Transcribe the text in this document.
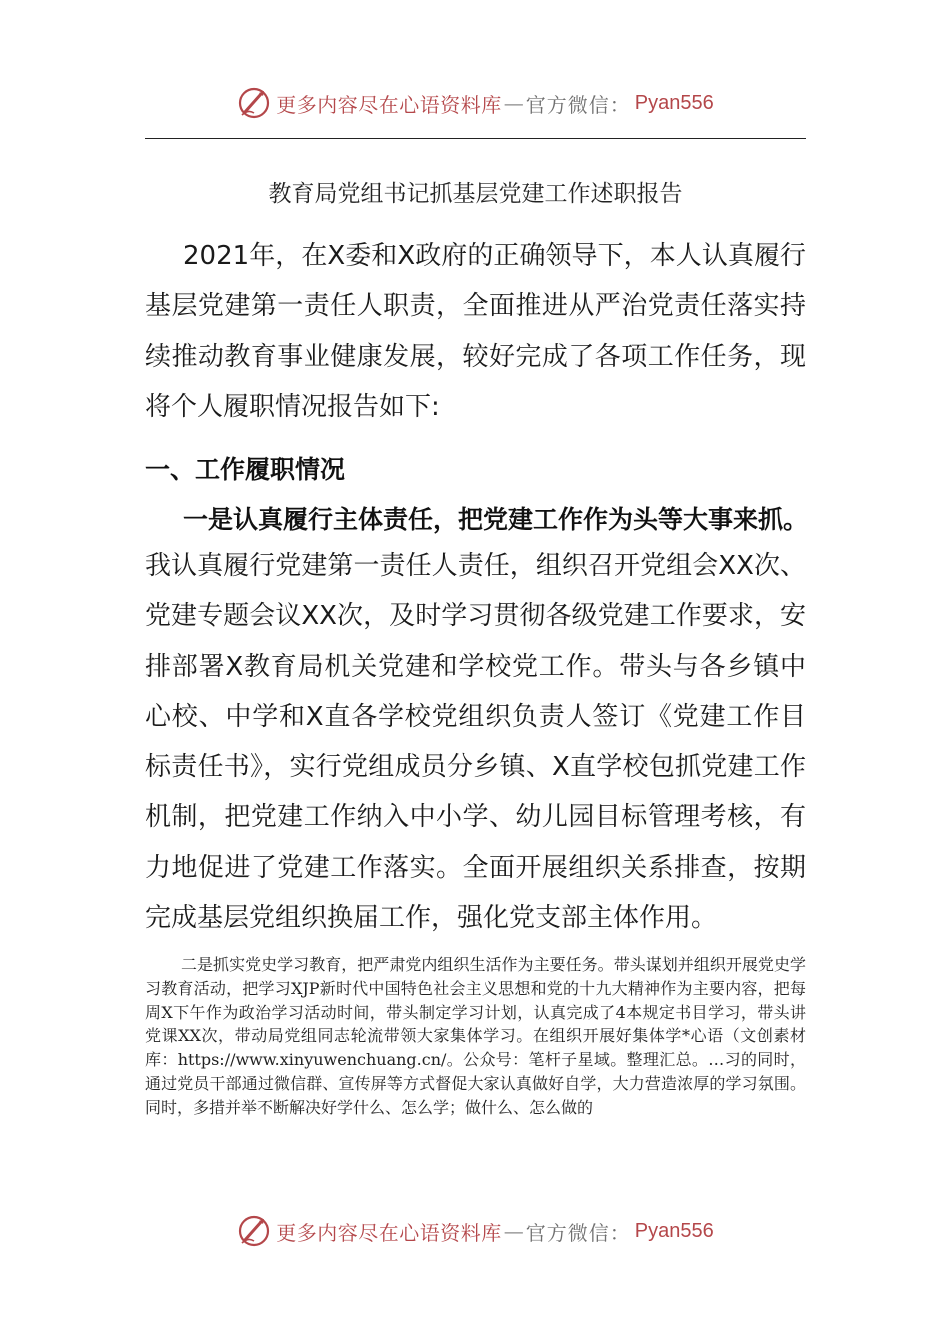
更多内容尽在心语资料库 — 官方微信： Pyan556
教育局党组书记抓基层党建工作述职报告

2021年，在X委和X政府的正确领导下，本人认真履行基层党建第一责任人职责，全面推进从严治党责任落实持续推动教育事业健康发展，较好完成了各项工作任务，现将个人履职情况报告如下:

一、工作履职情况
一是认真履行主体责任，把党建工作作为头等大事来抓。

我认真履行党建第一责任人责任，组织召开党组会XX次、党建专题会议XX次，及时学习贯彻各级党建工作要求，安排部署X教育局机关党建和学校党工作。带头与各乡镇中心校、中学和X直各学校党组织负责人签订《党建工作目标责任书》，实行党组成员分乡镇、X直学校包抓党建工作机制，把党建工作纳入中小学、幼儿园目标管理考核，有力地促进了党建工作落实。全面开展组织关系排查，按期完成基层党组织换届工作，强化党支部主体作用。

二是抓实党史学习教育，把严肃党内组织生活作为主要任务。带头谋划并组织开展党史学习教育活动，把学习XJP新时代中国特色社会主义思想和党的十九大精神作为主要内容，把每周X下午作为政治学习活动时间，带头制定学习计划，认真完成了4本规定书目学习，带头讲党课XX次，带动局党组同志轮流带领大家集体学习。在组织开展好集体学*心语（文创素材库：https://www.xinyuwenchuang.cn/。公众号：笔杆子星域。整理汇总。…习的同时，通过党员干部通过微信群、宣传屏等方式督促大家认真做好自学，大力营造浓厚的学习氛围。同时，多措并举不断解决好学什么、怎么学；做什么、怎么做的

更多内容尽在心语资料库 — 官方微信： Pyan556
